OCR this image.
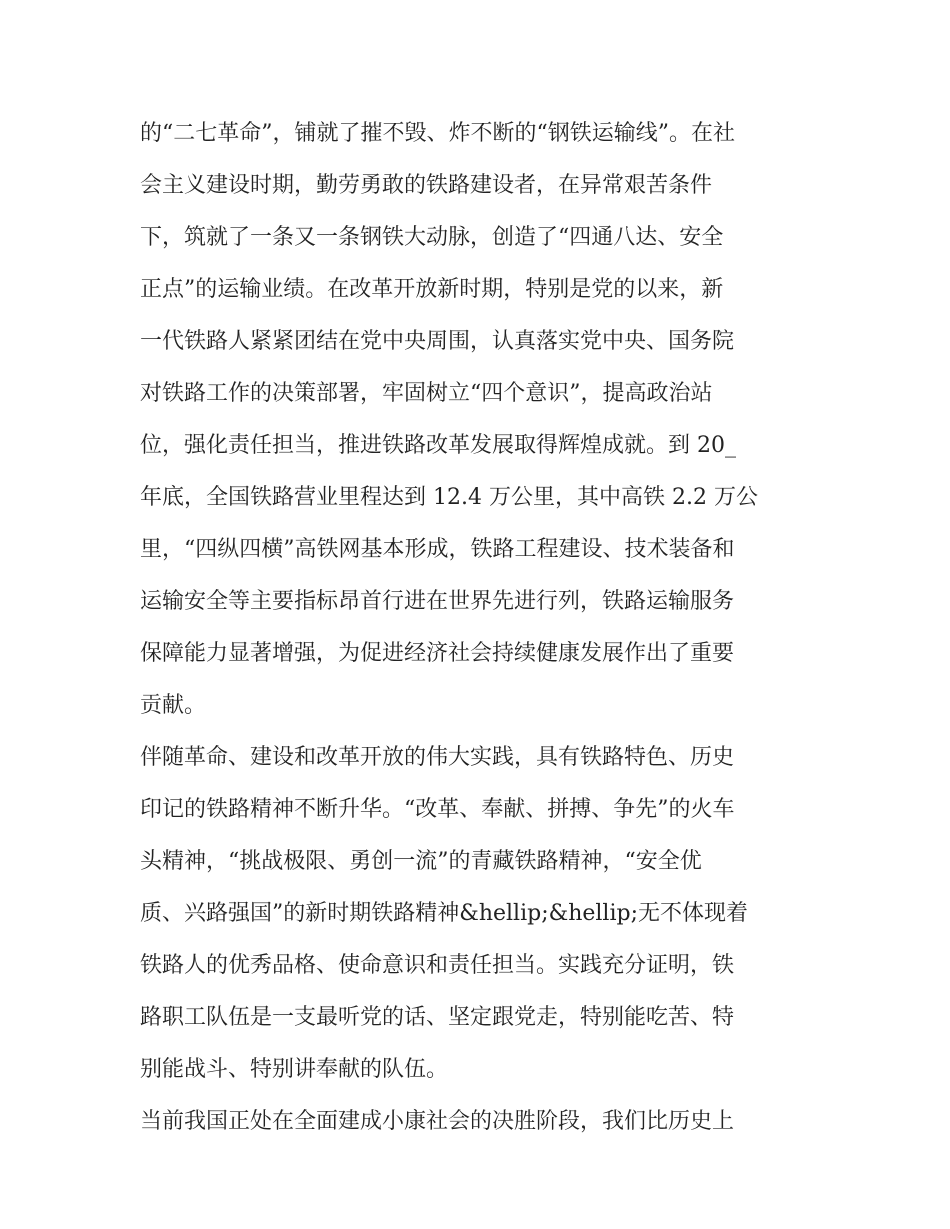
的“二七革命”，铺就了摧不毁、炸不断的“钢铁运输线”。在社
会主义建设时期，勤劳勇敢的铁路建设者，在异常艰苦条件
下，筑就了一条又一条钢铁大动脉，创造了“四通八达、安全
正点”的运输业绩。在改革开放新时期，特别是党的以来，新
一代铁路人紧紧团结在党中央周围，认真落实党中央、国务院
对铁路工作的决策部署，牢固树立“四个意识”，提高政治站
位，强化责任担当，推进铁路改革发展取得辉煌成就。到 20_
年底，全国铁路营业里程达到 12.4 万公里，其中高铁 2.2 万公
里，“四纵四横”高铁网基本形成，铁路工程建设、技术装备和
运输安全等主要指标昂首行进在世界先进行列，铁路运输服务
保障能力显著增强，为促进经济社会持续健康发展作出了重要
贡献。
伴随革命、建设和改革开放的伟大实践，具有铁路特色、历史
印记的铁路精神不断升华。“改革、奉献、拼搏、争先”的火车
头精神，“挑战极限、勇创一流”的青藏铁路精神，“安全优
质、兴路强国”的新时期铁路精神&hellip;&hellip;无不体现着
铁路人的优秀品格、使命意识和责任担当。实践充分证明，铁
路职工队伍是一支最听党的话、坚定跟党走，特别能吃苦、特
别能战斗、特别讲奉献的队伍。
当前我国正处在全面建成小康社会的决胜阶段，我们比历史上
